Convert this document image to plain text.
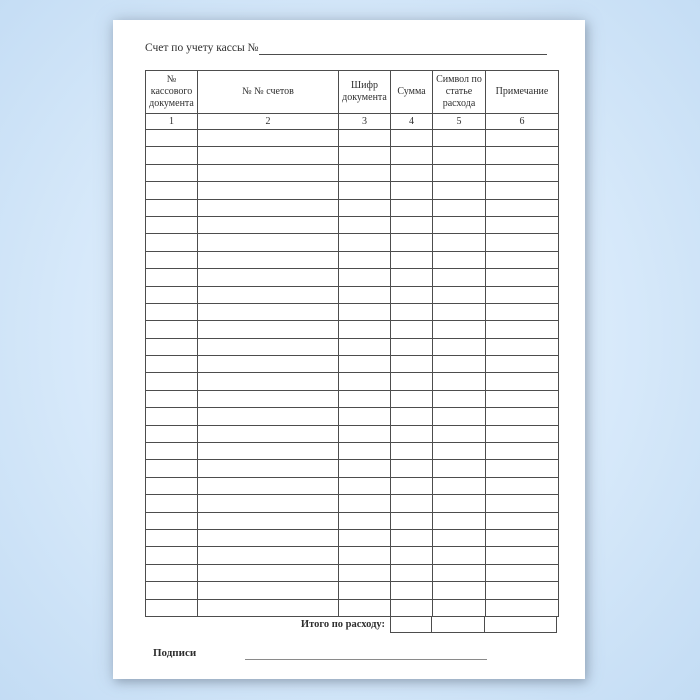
Счет по учету кассы №
№ кассового документа	№ № счетов	Шифр документа	Сумма	Символ по статье расхода	Примечание
1	2	3	4	5	6

Итого по расходу:
Подписи
